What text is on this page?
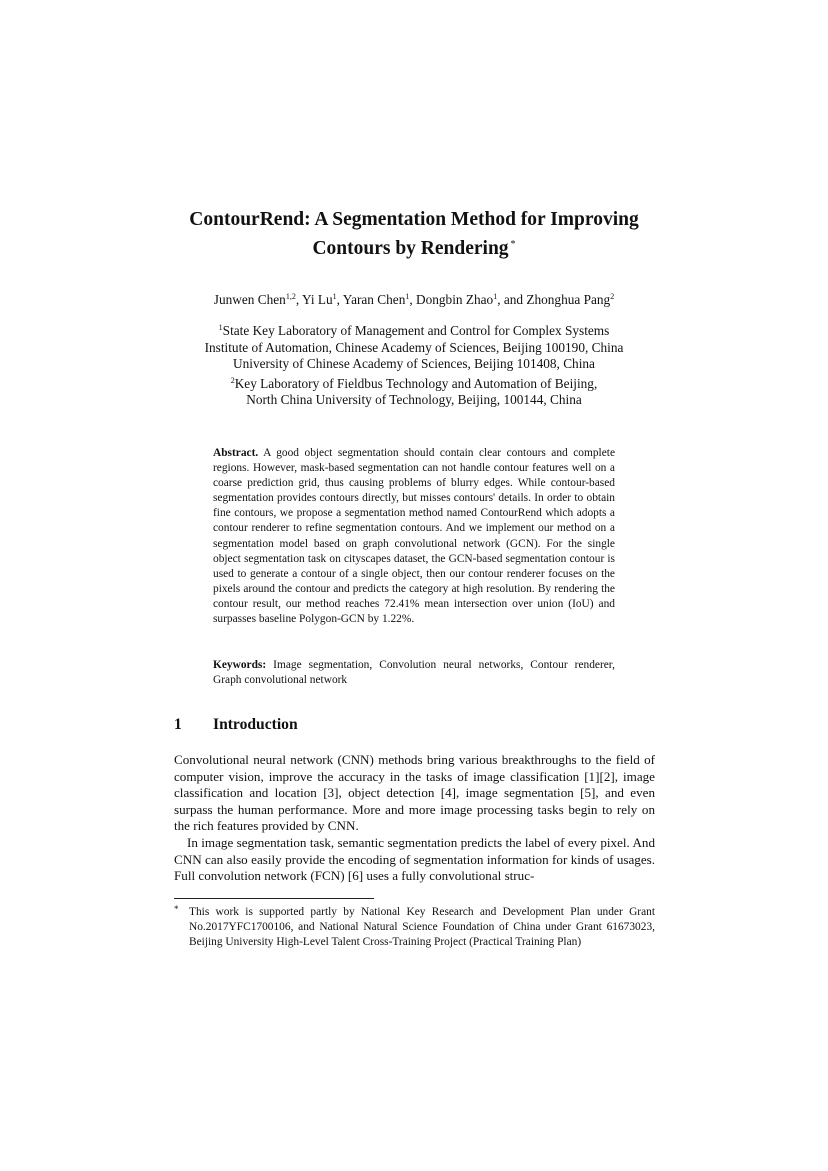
ContourRend: A Segmentation Method for Improving
Contours by Rendering *
Junwen Chen$^{1,2}$, Yi Lu$^1$, Yaran Chen$^1$, Dongbin Zhao$^1$, and Zhonghua Pang$^2$
$^1$State Key Laboratory of Management and Control for Complex Systems
Institute of Automation, Chinese Academy of Sciences, Beijing 100190, China
University of Chinese Academy of Sciences, Beijing 101408, China
$^2$Key Laboratory of Fieldbus Technology and Automation of Beijing,
North China University of Technology, Beijing, 100144, China
Abstract. A good object segmentation should contain clear contours and complete regions. However, mask-based segmentation can not handle contour features well on a coarse prediction grid, thus causing problems of blurry edges. While contour-based segmentation provides contours directly, but misses contours' details. In order to obtain fine contours, we propose a segmentation method named ContourRend which adopts a contour renderer to refine segmentation contours. And we implement our method on a segmentation model based on graph convolutional network (GCN). For the single object segmentation task on cityscapes dataset, the GCN-based segmentation contour is used to generate a contour of a single object, then our contour renderer focuses on the pixels around the contour and predicts the category at high resolution. By rendering the contour result, our method reaches 72.41% mean intersection over union (IoU) and surpasses baseline Polygon-GCN by 1.22%.
Keywords: Image segmentation, Convolution neural networks, Contour renderer, Graph convolutional network
1 Introduction

Convolutional neural network (CNN) methods bring various breakthroughs to the field of computer vision, improve the accuracy in the tasks of image classification [1][2], image classification and location [3], object detection [4], image segmentation [5], and even surpass the human performance. More and more image processing tasks begin to rely on the rich features provided by CNN.

In image segmentation task, semantic segmentation predicts the label of every pixel. And CNN can also easily provide the encoding of segmentation information for kinds of usages. Full convolution network (FCN) [6] uses a fully convolutional struc-

* This work is supported partly by National Key Research and Development Plan under Grant No.2017YFC1700106, and National Natural Science Foundation of China under Grant 61673023, Beijing University High-Level Talent Cross-Training Project (Practical Training Plan)
